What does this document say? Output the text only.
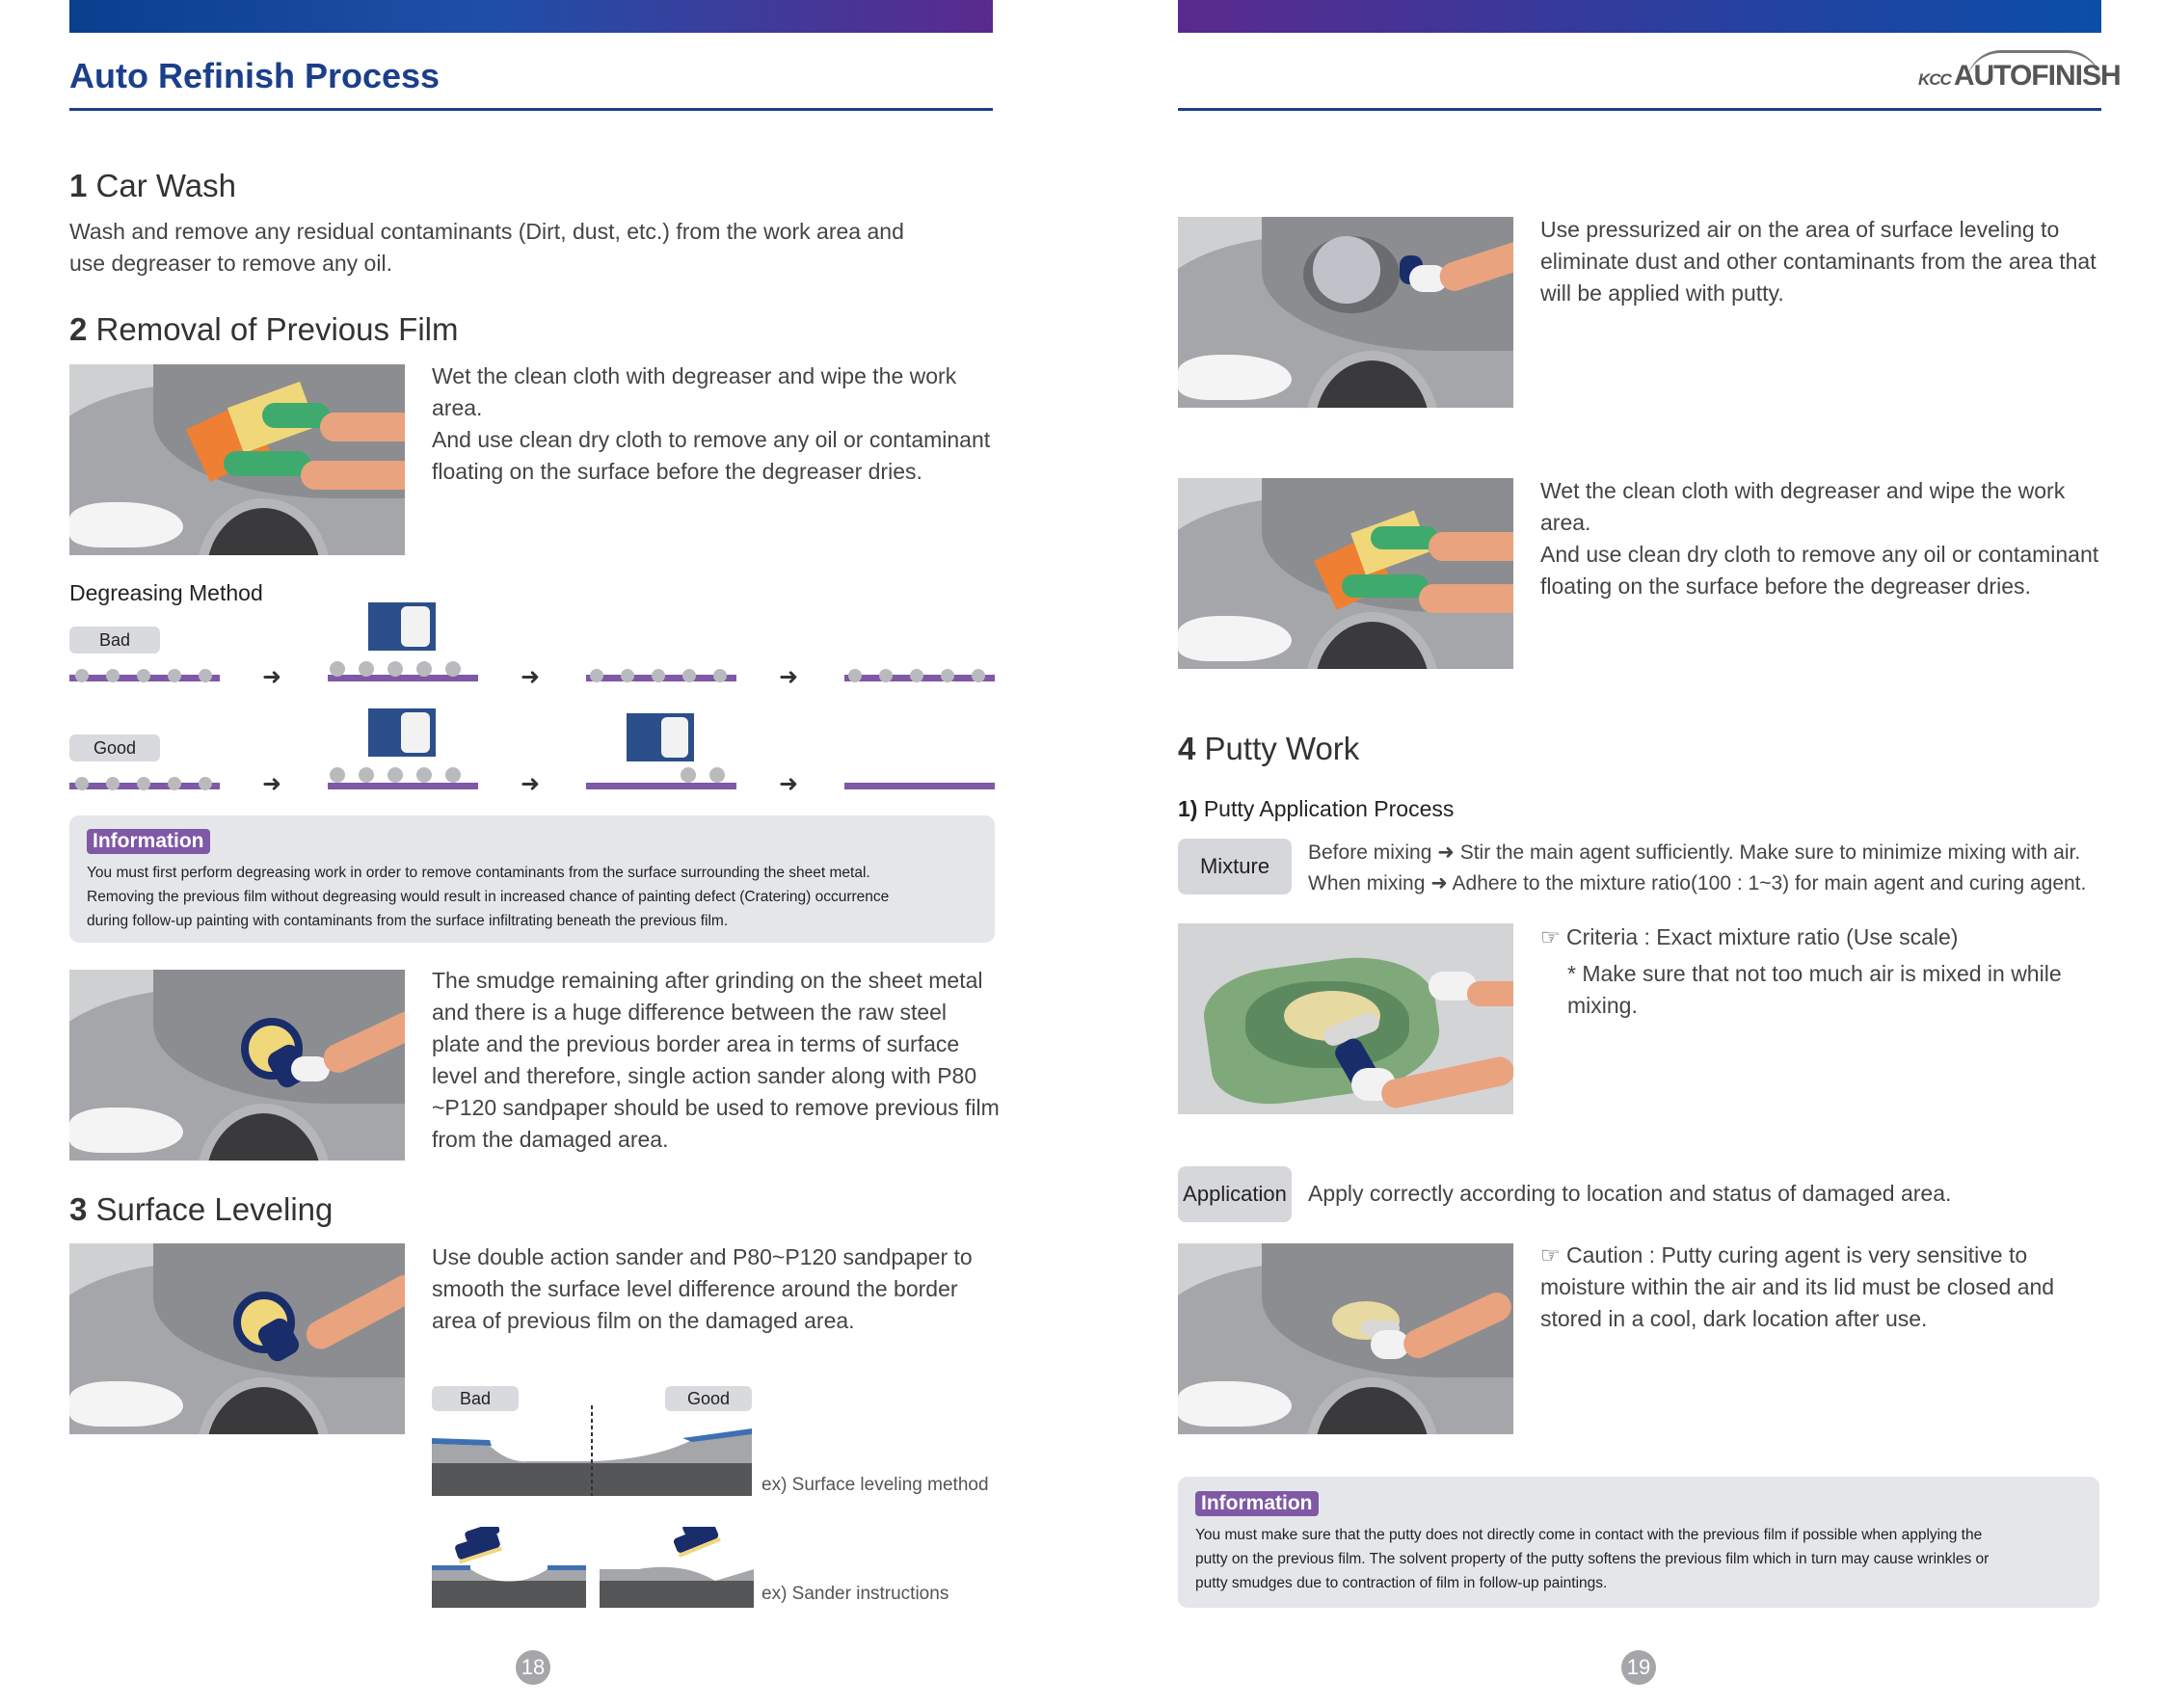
Auto Refinish Process	KCC AUTOFINISH
1 Car Wash
Wash and remove any residual contaminants (Dirt, dust, etc.) from the work area and use degreaser to remove any oil.
2 Removal of Previous Film
Wet the clean cloth with degreaser and wipe the work area.
And use clean dry cloth to remove any oil or contaminant floating on the surface before the degreaser dries.
Degreasing Method
Bad
➜	➜	➜
Good
➜	➜	➜
Information
You must first perform degreasing work in order to remove contaminants from the surface surrounding the sheet metal.
Removing the previous film without degreasing would result in increased chance of painting defect (Cratering) occurrence
during follow-up painting with contaminants from the surface infiltrating beneath the previous film.
The smudge remaining after grinding on the sheet metal and there is a huge difference between the raw steel plate and the previous border area in terms of surface level and therefore, single action sander along with P80 ~P120 sandpaper should be used to remove previous film from the damaged area.
3 Surface Leveling
Use double action sander and P80~P120 sandpaper to smooth the surface level difference around the border area of previous film on the damaged area.
Bad	Good
ex) Surface leveling method
ex) Sander instructions
18
Use pressurized air on the area of surface leveling to eliminate dust and other contaminants from the area that will be applied with putty.
Wet the clean cloth with degreaser and wipe the work area.
And use clean dry cloth to remove any oil or contaminant floating on the surface before the degreaser dries.
4 Putty Work
1) Putty Application Process
Mixture
Before mixing ➜ Stir the main agent sufficiently. Make sure to minimize mixing with air.
When mixing ➜ Adhere to the mixture ratio(100 : 1~3) for main agent and curing agent.
☞ Criteria : Exact mixture ratio (Use scale)
* Make sure that not too much air is mixed in while mixing.
Application Apply correctly according to location and status of damaged area.
☞ Caution : Putty curing agent is very sensitive to moisture within the air and its lid must be closed and stored in a cool, dark location after use.
Information
You must make sure that the putty does not directly come in contact with the previous film if possible when applying the
putty on the previous film. The solvent property of the putty softens the previous film which in turn may cause wrinkles or
putty smudges due to contraction of film in follow-up paintings.
19
